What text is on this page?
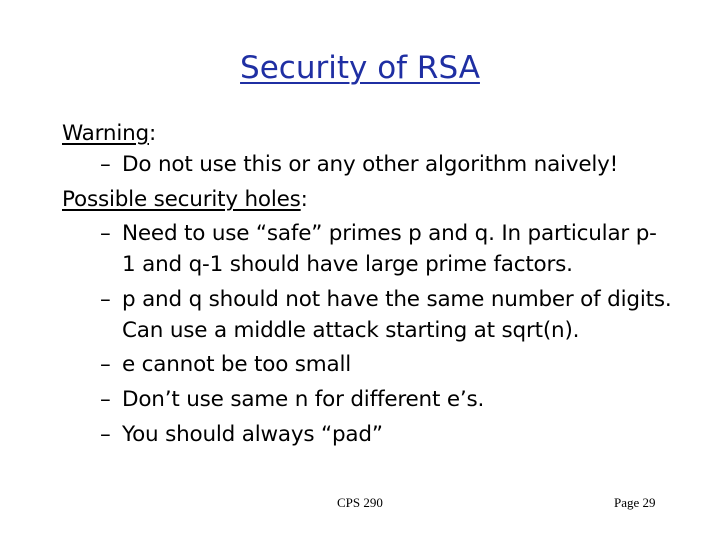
Security of RSA
Warning:
– Do not use this or any other algorithm naively!
Possible security holes:
– Need to use “safe” primes p and q. In particular p-
1 and q-1 should have large prime factors.
– p and q should not have the same number of digits.
Can use a middle attack starting at sqrt(n).
– e cannot be too small
– Don’t use same n for different e’s.
– You should always “pad”
CPS 290	Page 29
